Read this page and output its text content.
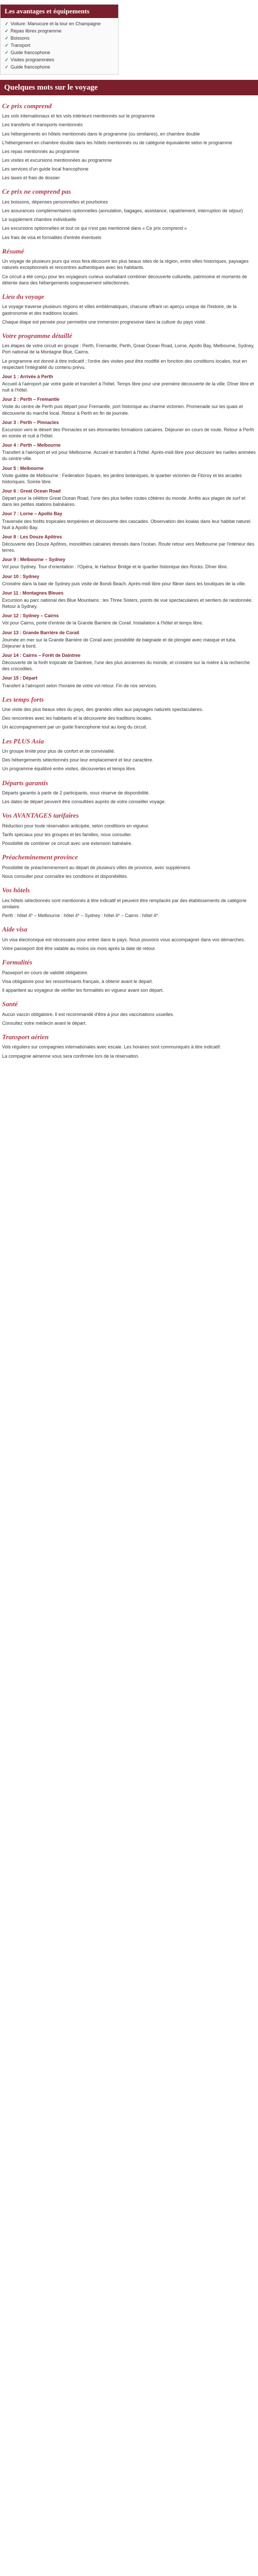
Les avantages et équipements
✓ Voiture: Manucure et la tour en Champagne
✓ Repas libres programme
✓ Boissons
✓ Transport
✓ Guide francophone
✓ Visites programmées
✓ Guide francophone
Quelques mots sur le voyage
Ce prix comprend

Les vols internationaux et les vols intérieurs mentionnés sur le programme

Les transferts et transports mentionnés

Les hébergements en hôtels mentionnés dans le programme (ou similaires), en chambre double

L'hébergement en chambre double dans les hôtels mentionnés ou de catégorie équivalente selon le programme

Les repas mentionnés au programme

Les visites et excursions mentionnées au programme

Les services d'un guide local francophone

Les taxes et frais de dossier

Ce prix ne comprend pas

Les boissons, dépenses personnelles et pourboires

Les assurances complémentaires optionnelles (annulation, bagages, assistance, rapatriement, interruption de séjour)

Le supplément chambre individuelle

Les excursions optionnelles et tout ce qui n'est pas mentionné dans « Ce prix comprend »

Les frais de visa et formalités d'entrée éventuels

Résumé

Un voyage de plusieurs jours qui vous fera découvrir les plus beaux sites de la région, entre villes historiques, paysages naturels exceptionnels et rencontres authentiques avec les habitants.

Ce circuit a été conçu pour les voyageurs curieux souhaitant combiner découverte culturelle, patrimoine et moments de détente dans des hébergements soigneusement sélectionnés.

Lieu du voyage

Le voyage traverse plusieurs régions et villes emblématiques, chacune offrant un aperçu unique de l'histoire, de la gastronomie et des traditions locales.

Chaque étape est pensée pour permettre une immersion progressive dans la culture du pays visité.

Votre programme détaillé

Les étapes de votre circuit en groupe : Perth, Fremantle, Perth, Great Ocean Road, Lorne, Apollo Bay, Melbourne, Sydney, Port national de la Montagne Blue, Cairns.

Le programme est donné à titre indicatif ; l'ordre des visites peut être modifié en fonction des conditions locales, tout en respectant l'intégralité du contenu prévu.

Jour 1 : Arrivée à Perth

Accueil à l'aéroport par votre guide et transfert à l'hôtel. Temps libre pour une première découverte de la ville. Dîner libre et nuit à l'hôtel.

Jour 2 : Perth – Fremantle

Visite du centre de Perth puis départ pour Fremantle, port historique au charme victorien. Promenade sur les quais et découverte du marché local. Retour à Perth en fin de journée.

Jour 3 : Perth – Pinnacles

Excursion vers le désert des Pinnacles et ses étonnantes formations calcaires. Déjeuner en cours de route. Retour à Perth en soirée et nuit à l'hôtel.

Jour 4 : Perth – Melbourne

Transfert à l'aéroport et vol pour Melbourne. Accueil et transfert à l'hôtel. Après-midi libre pour découvrir les ruelles animées du centre-ville.

Jour 5 : Melbourne

Visite guidée de Melbourne : Federation Square, les jardins botaniques, le quartier victorien de Fitzroy et les arcades historiques. Soirée libre.

Jour 6 : Great Ocean Road

Départ pour la célèbre Great Ocean Road, l'une des plus belles routes côtières du monde. Arrêts aux plages de surf et dans les petites stations balnéaires.

Jour 7 : Lorne – Apollo Bay

Traversée des forêts tropicales tempérées et découverte des cascades. Observation des koalas dans leur habitat naturel. Nuit à Apollo Bay.

Jour 8 : Les Douze Apôtres

Découverte des Douze Apôtres, monolithes calcaires dressés dans l'océan. Route retour vers Melbourne par l'intérieur des terres.

Jour 9 : Melbourne – Sydney

Vol pour Sydney. Tour d'orientation : l'Opéra, le Harbour Bridge et le quartier historique des Rocks. Dîner libre.

Jour 10 : Sydney

Croisière dans la baie de Sydney puis visite de Bondi Beach. Après-midi libre pour flâner dans les boutiques de la ville.

Jour 11 : Montagnes Bleues

Excursion au parc national des Blue Mountains : les Three Sisters, points de vue spectaculaires et sentiers de randonnée. Retour à Sydney.

Jour 12 : Sydney – Cairns

Vol pour Cairns, porte d'entrée de la Grande Barrière de Corail. Installation à l'hôtel et temps libre.

Jour 13 : Grande Barrière de Corail

Journée en mer sur la Grande Barrière de Corail avec possibilité de baignade et de plongée avec masque et tuba. Déjeuner à bord.

Jour 14 : Cairns – Forêt de Daintree

Découverte de la forêt tropicale de Daintree, l'une des plus anciennes du monde, et croisière sur la rivière à la recherche des crocodiles.

Jour 15 : Départ

Transfert à l'aéroport selon l'horaire de votre vol retour. Fin de nos services.

Les temps forts

Une visite des plus beaux sites du pays, des grandes villes aux paysages naturels spectaculaires.

Des rencontres avec les habitants et la découverte des traditions locales.

Un accompagnement par un guide francophone tout au long du circuit.

Les PLUS Asia

Un groupe limité pour plus de confort et de convivialité.

Des hébergements sélectionnés pour leur emplacement et leur caractère.

Un programme équilibré entre visites, découvertes et temps libre.

Départs garantis

Départs garantis à partir de 2 participants, sous réserve de disponibilité.

Les dates de départ peuvent être consultées auprès de votre conseiller voyage.

Vos AVANTAGES tarifaires

Réduction pour toute réservation anticipée, selon conditions en vigueur.

Tarifs spéciaux pour les groupes et les familles, nous consulter.

Possibilité de combiner ce circuit avec une extension balnéaire.

Préacheminement province

Possibilité de préacheminement au départ de plusieurs villes de province, avec supplément.

Nous consulter pour connaître les conditions et disponibilités.

Vos hôtels

Les hôtels sélectionnés sont mentionnés à titre indicatif et peuvent être remplacés par des établissements de catégorie similaire.

Perth : hôtel 4* – Melbourne : hôtel 4* – Sydney : hôtel 4* – Cairns : hôtel 4*.

Aide visa

Un visa électronique est nécessaire pour entrer dans le pays. Nous pouvons vous accompagner dans vos démarches.

Votre passeport doit être valable au moins six mois après la date de retour.

Formalités

Passeport en cours de validité obligatoire.

Visa obligatoire pour les ressortissants français, à obtenir avant le départ.

Il appartient au voyageur de vérifier les formalités en vigueur avant son départ.

Santé

Aucun vaccin obligatoire. Il est recommandé d'être à jour des vaccinations usuelles.

Consultez votre médecin avant le départ.

Transport aérien

Vols réguliers sur compagnies internationales avec escale. Les horaires sont communiqués à titre indicatif.

La compagnie aérienne vous sera confirmée lors de la réservation.
